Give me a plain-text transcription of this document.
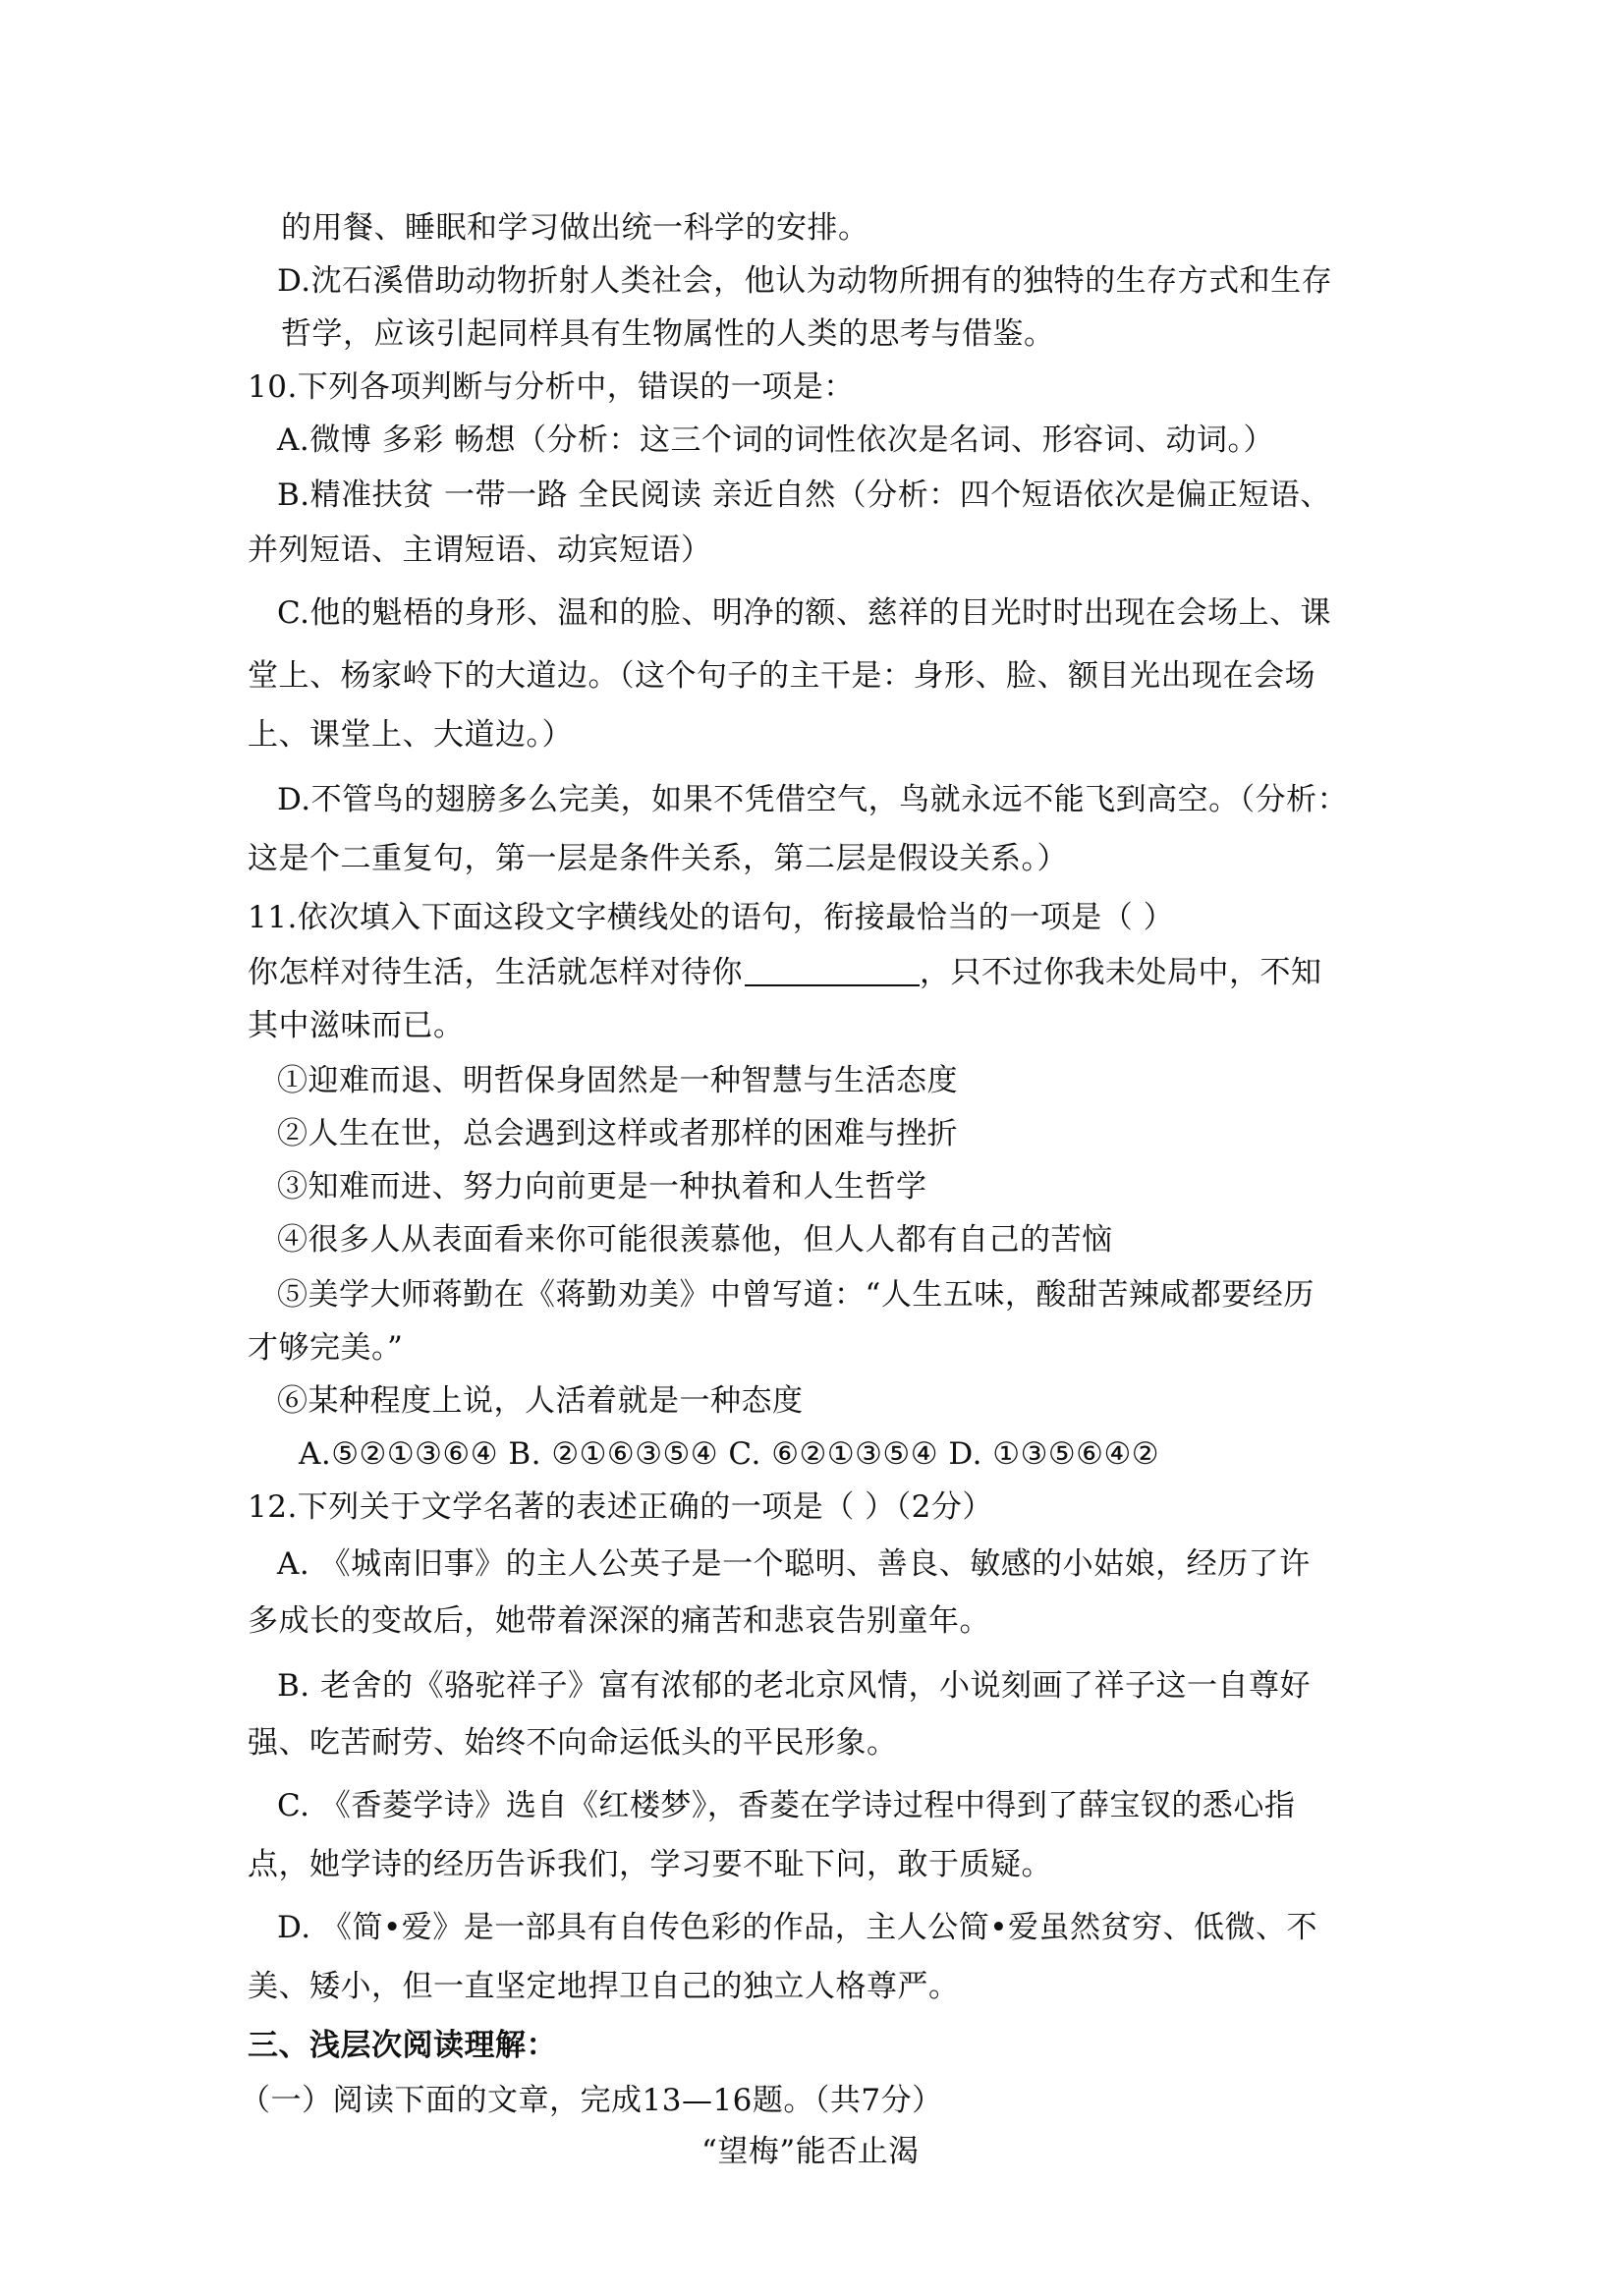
的用餐、睡眠和学习做出统一科学的安排。
D.沈石溪借助动物折射人类社会，他认为动物所拥有的独特的生存方式和生存
哲学，应该引起同样具有生物属性的人类的思考与借鉴。
10.下列各项判断与分析中，错误的一项是：
A.微博 多彩 畅想（分析：这三个词的词性依次是名词、形容词、动词。）
B.精准扶贫 一带一路 全民阅读 亲近自然（分析：四个短语依次是偏正短语、
并列短语、主谓短语、动宾短语）
C.他的魁梧的身形、温和的脸、明净的额、慈祥的目光时时出现在会场上、课
堂上、杨家岭下的大道边。（这个句子的主干是：身形、脸、额目光出现在会场
上、课堂上、大道边。）
D.不管鸟的翅膀多么完美，如果不凭借空气，鸟就永远不能飞到高空。（分析：
这是个二重复句，第一层是条件关系，第二层是假设关系。）
11.依次填入下面这段文字横线处的语句，衔接最恰当的一项是（ ）
你怎样对待生活，生活就怎样对待你	，只不过你我未处局中，不知
其中滋味而已。
①迎难而退、明哲保身固然是一种智慧与生活态度
②人生在世，总会遇到这样或者那样的困难与挫折
③知难而进、努力向前更是一种执着和人生哲学
④很多人从表面看来你可能很羡慕他，但人人都有自己的苦恼
⑤美学大师蒋勤在《蒋勤劝美》中曾写道：“人生五味，酸甜苦辣咸都要经历
才够完美。”
⑥某种程度上说，人活着就是一种态度
A.⑤②①③⑥④ B. ②①⑥③⑤④ C. ⑥②①③⑤④ D. ①③⑤⑥④②
12.下列关于文学名著的表述正确的一项是（ ）（2分）
A. 《城南旧事》的主人公英子是一个聪明、善良、敏感的小姑娘，经历了许
多成长的变故后，她带着深深的痛苦和悲哀告别童年。
B. 老舍的《骆驼祥子》富有浓郁的老北京风情，小说刻画了祥子这一自尊好
强、吃苦耐劳、始终不向命运低头的平民形象。
C. 《香菱学诗》选自《红楼梦》，香菱在学诗过程中得到了薛宝钗的悉心指
点，她学诗的经历告诉我们，学习要不耻下问，敢于质疑。
D. 《简•爱》是一部具有自传色彩的作品，主人公简•爱虽然贫穷、低微、不
美、矮小，但一直坚定地捍卫自己的独立人格尊严。
三、浅层次阅读理解：
（一）阅读下面的文章，完成13—16题。（共7分）
“望梅”能否止渴
